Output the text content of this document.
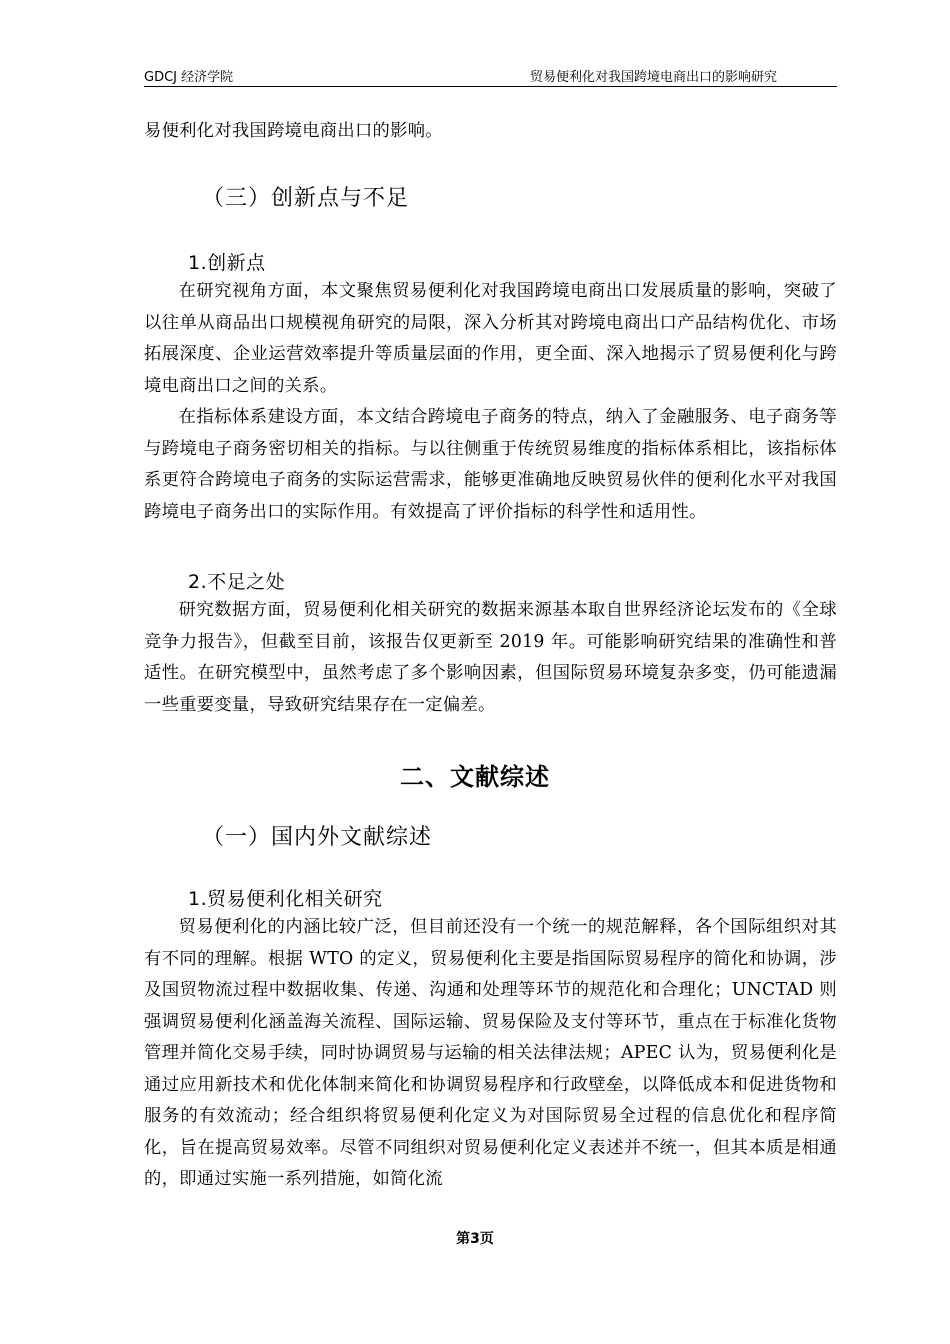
GDCJ 经济学院	贸易便利化对我国跨境电商出口的影响研究

易便利化对我国跨境电商出口的影响。

（三）创新点与不足
1.创新点

在研究视角方面，本文聚焦贸易便利化对我国跨境电商出口发展质量的影响，突破了以往单从商品出口规模视角研究的局限，深入分析其对跨境电商出口产品结构优化、市场拓展深度、企业运营效率提升等质量层面的作用，更全面、深入地揭示了贸易便利化与跨境电商出口之间的关系。

在指标体系建设方面，本文结合跨境电子商务的特点，纳入了金融服务、电子商务等与跨境电子商务密切相关的指标。与以往侧重于传统贸易维度的指标体系相比，该指标体系更符合跨境电子商务的实际运营需求，能够更准确地反映贸易伙伴的便利化水平对我国跨境电子商务出口的实际作用。有效提高了评价指标的科学性和适用性。

2.不足之处

研究数据方面，贸易便利化相关研究的数据来源基本取自世界经济论坛发布的《全球竞争力报告》，但截至目前，该报告仅更新至 2019 年。可能影响研究结果的准确性和普适性。在研究模型中，虽然考虑了多个影响因素，但国际贸易环境复杂多变，仍可能遗漏一些重要变量，导致研究结果存在一定偏差。

二、文献综述
（一）国内外文献综述
1.贸易便利化相关研究

贸易便利化的内涵比较广泛，但目前还没有一个统一的规范解释，各个国际组织对其有不同的理解。根据 WTO 的定义，贸易便利化主要是指国际贸易程序的简化和协调，涉及国贸物流过程中数据收集、传递、沟通和处理等环节的规范化和合理化；UNCTAD 则强调贸易便利化涵盖海关流程、国际运输、贸易保险及支付等环节，重点在于标准化货物管理并简化交易手续，同时协调贸易与运输的相关法律法规；APEC 认为，贸易便利化是通过应用新技术和优化体制来简化和协调贸易程序和行政壁垒，以降低成本和促进货物和服务的有效流动；经合组织将贸易便利化定义为对国际贸易全过程的信息优化和程序简化，旨在提高贸易效率。尽管不同组织对贸易便利化定义表述并不统一，但其本质是相通的，即通过实施一系列措施，如简化流

第3页
